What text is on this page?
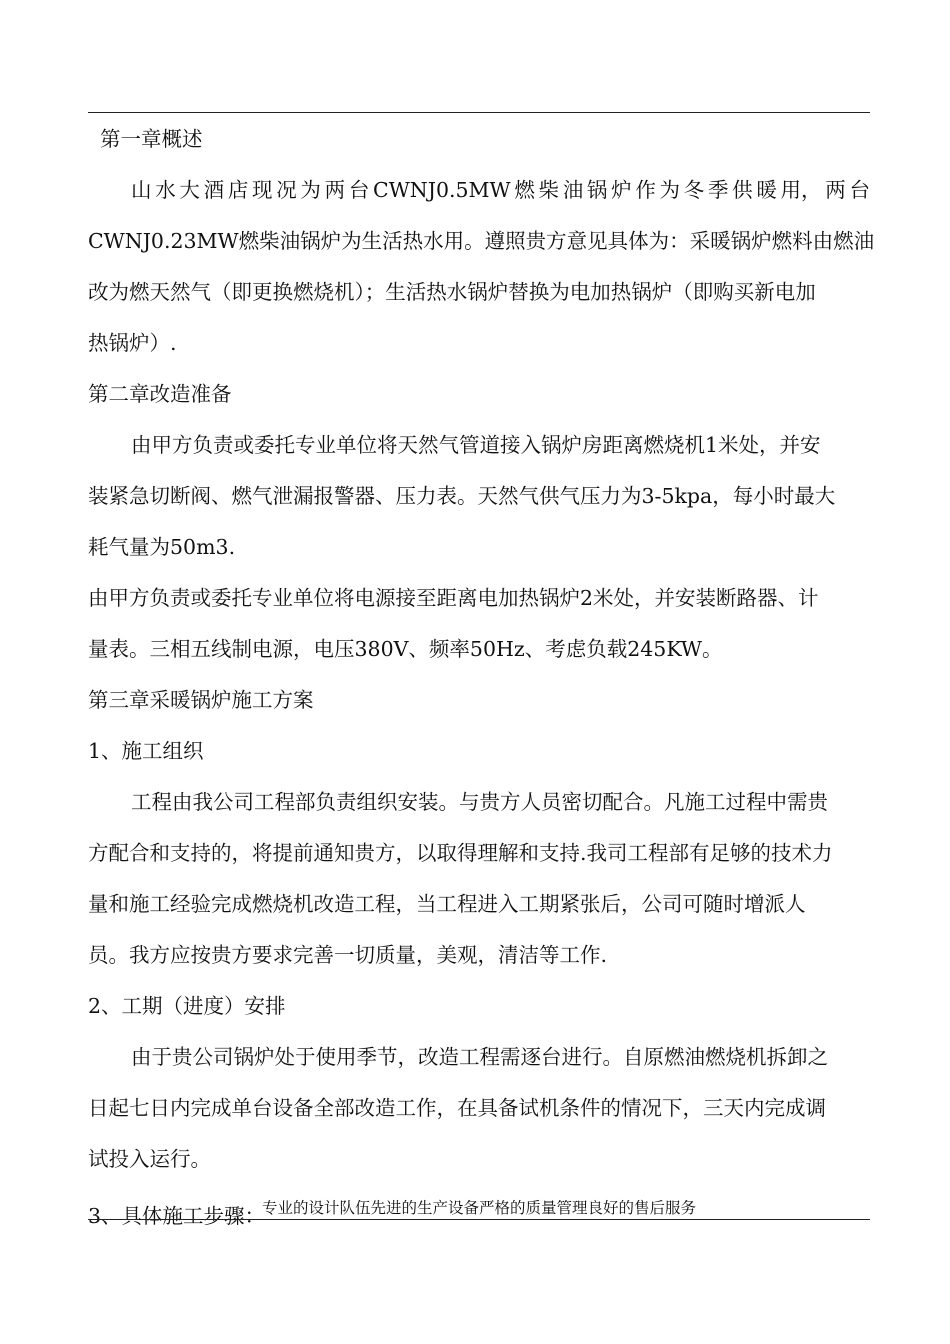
第一章概述
山 水 大 酒 店 现 况 为 两 台 CWNJ0.5MW 燃 柴 油 锅 炉 作 为 冬 季 供 暖 用， 两 台
CWNJ0.23MW燃柴油锅炉为生活热水用。遵照贵方意见具体为：采暖锅炉燃料由燃油
改为燃天然气（即更换燃烧机）；生活热水锅炉替换为电加热锅炉（即购买新电加
热锅炉）.
第二章改造准备
由甲方负责或委托专业单位将天然气管道接入锅炉房距离燃烧机1米处，并安
装紧急切断阀、燃气泄漏报警器、压力表。天然气供气压力为3-5kpa，每小时最大
耗气量为50m3.
由甲方负责或委托专业单位将电源接至距离电加热锅炉2米处，并安装断路器、计
量表。三相五线制电源，电压380V、频率50Hz、考虑负载245KW。
第三章采暖锅炉施工方案
1、施工组织
工程由我公司工程部负责组织安装。与贵方人员密切配合。凡施工过程中需贵
方配合和支持的，将提前通知贵方，以取得理解和支持.我司工程部有足够的技术力
量和施工经验完成燃烧机改造工程，当工程进入工期紧张后，公司可随时增派人
员。我方应按贵方要求完善一切质量，美观，清洁等工作.
2、工期（进度）安排
由于贵公司锅炉处于使用季节，改造工程需逐台进行。自原燃油燃烧机拆卸之
日起七日内完成单台设备全部改造工作，在具备试机条件的情况下，三天内完成调
试投入运行。
3、具体施工步骤：
专业的设计队伍先进的生产设备严格的质量管理良好的售后服务
